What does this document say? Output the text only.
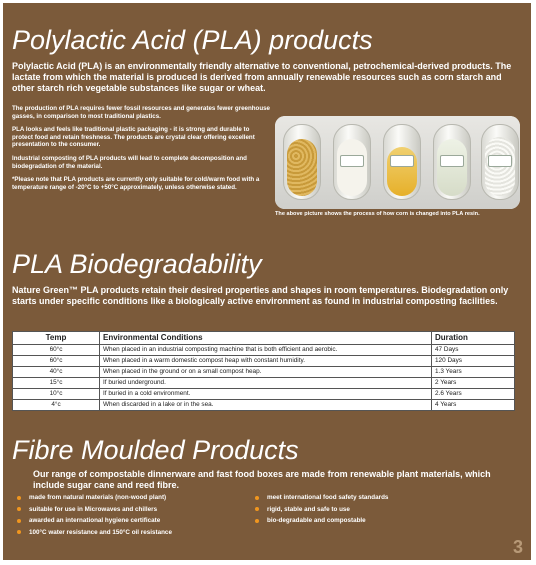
Polylactic Acid (PLA) products
Polylactic Acid (PLA) is an environmentally friendly alternative to conventional, petrochemical-derived products. The lactate from which the material is produced is derived from annually renewable resources such as corn starch and other starch rich vegetable substances like sugar or wheat.

The production of PLA requires fewer fossil resources and generates fewer greenhouse gasses, in comparison to most traditional plastics.

PLA looks and feels like traditional plastic packaging - it is strong and durable to protect food and retain freshness. The products are crystal clear offering excellent presentation to the consumer.

Industrial composting of PLA products will lead to complete decomposition and biodegradation of the material.

*Please note that PLA products are currently only suitable for cold/warm food with a temperature range of -20°C to +50°C approximately, unless otherwise stated.

The above picture shows the process of how corn is changed into PLA resin.
PLA Biodegradability
Nature Green™ PLA products retain their desired properties and shapes in room temperatures. Biodegradation only starts under specific conditions like a biologically active environment as found in industrial composting facilities.
Temp	Environmental Conditions	Duration
60°c	When placed in an industrial composting machine that is both efficient and aerobic.	47 Days
60°c	When placed in a warm domestic compost heap with constant humidity.	120 Days
40°c	When placed in the ground or on a small compost heap.	1.3 Years
15°c	If buried underground.	2 Years
10°c	If buried in a cold environment.	2.6 Years
4°c	When discarded in a lake or in the sea.	4 Years
Fibre Moulded Products
Our range of compostable dinnerware and fast food boxes are made from renewable plant materials, which include sugar cane and reed fibre.
made from natural materials (non-wood plant)
suitable for use in Microwaves and chillers
awarded an international hygiene certificate
100°C water resistance and 150°C oil resistance
meet international food safety standards
rigid, stable and safe to use
bio-degradable and compostable
3
